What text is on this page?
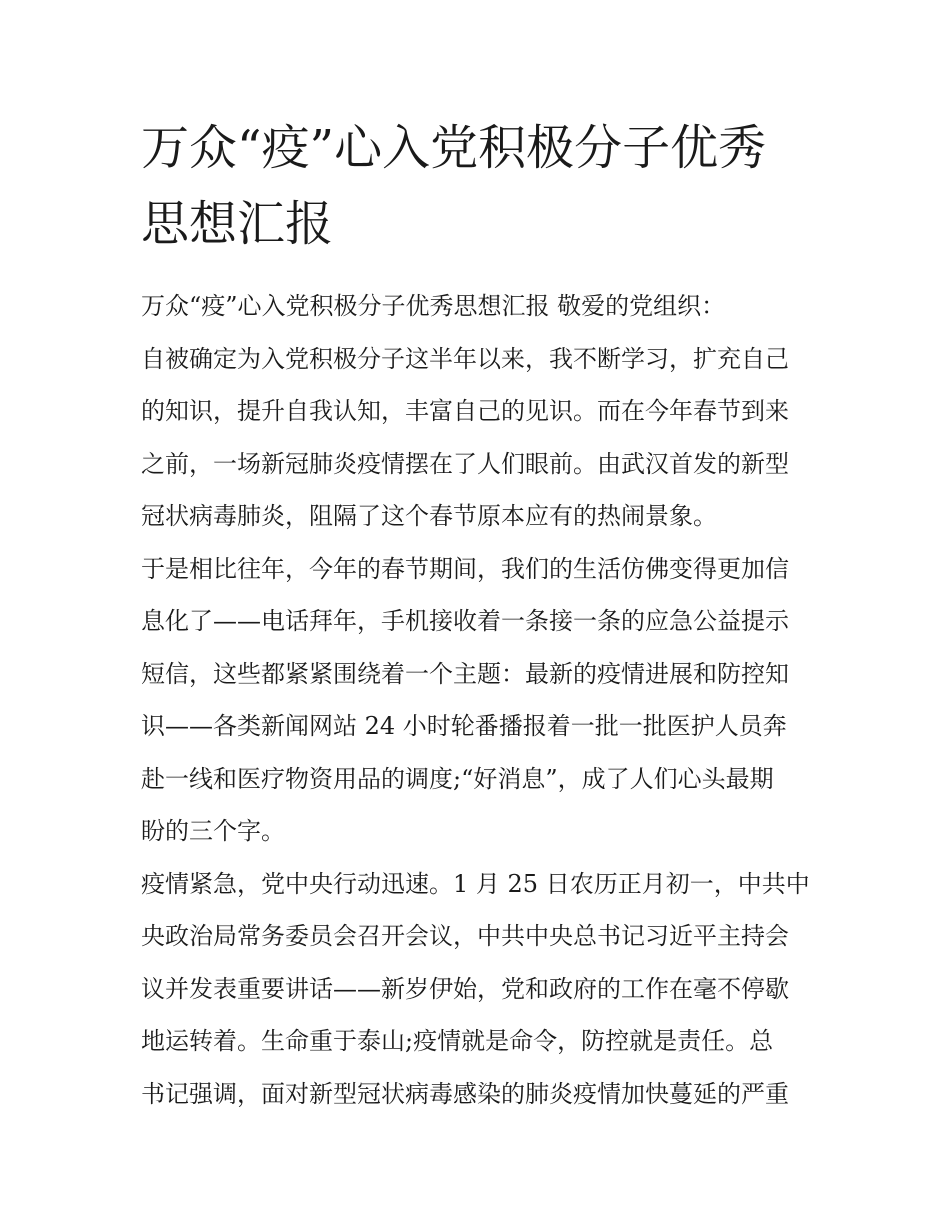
万众“疫”心入党积极分子优秀
思想汇报

万众“疫”心入党积极分子优秀思想汇报 敬爱的党组织：

自被确定为入党积极分子这半年以来，我不断学习，扩充自己
的知识，提升自我认知，丰富自己的见识。而在今年春节到来
之前，一场新冠肺炎疫情摆在了人们眼前。由武汉首发的新型
冠状病毒肺炎，阻隔了这个春节原本应有的热闹景象。

于是相比往年，今年的春节期间，我们的生活仿佛变得更加信
息化了——电话拜年，手机接收着一条接一条的应急公益提示
短信，这些都紧紧围绕着一个主题：最新的疫情进展和防控知
识——各类新闻网站 24 小时轮番播报着一批一批医护人员奔
赴一线和医疗物资用品的调度;“好消息”，成了人们心头最期
盼的三个字。

疫情紧急，党中央行动迅速。1 月 25 日农历正月初一，中共中
央政治局常务委员会召开会议，中共中央总书记习近平主持会
议并发表重要讲话——新岁伊始，党和政府的工作在毫不停歇
地运转着。生命重于泰山;疫情就是命令，防控就是责任。总
书记强调，面对新型冠状病毒感染的肺炎疫情加快蔓延的严重
